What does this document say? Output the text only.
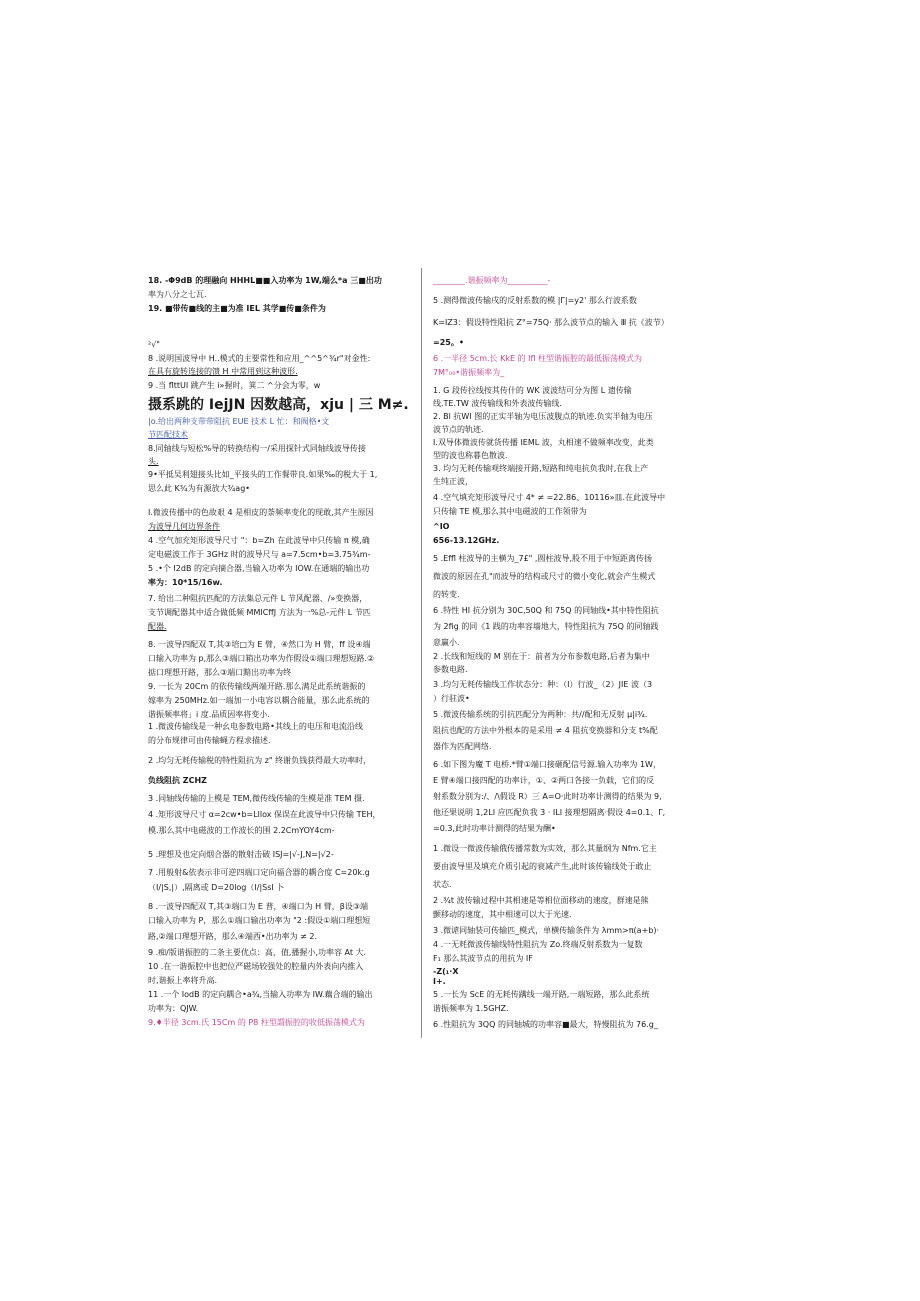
18. -Φ9dB 的理融向 HHHL■■入功率为 1W,端么*a 三■出功
率为八分之七瓦.
19. ■带传■线的主■为准 IEL 其学■传■条件为
²√"
8 .说明国波导中 H..模式的主要常性和应用_^^5^¾r"对金性:
在具有旋转连接的馈 H 中常用到这种波形.
9 .当 flttUI 跳产生 i»握时，箕二 ^分会为零，w
摄系跳的 ⅠеϳJN 因数越高，xju | 三 M≠.
|o.给出两种支带带阻抗 EUE 技术 L 忙：和阀格•文
节匹配技术
8.同轴线与短松%导的转换结构一/采用探针式同轴线波导传接
头.
9•平抵吴利翅接头比如_平接头的工作餐带良.如果‰的税大于 1,
思么此 K¾为有源放大¾ag•
I.微波传播中的色故艰 4 是相皮的荼频率变化的现敢,其产生原因
为波导几何边界条件
4 .空气加充矩形波导尺寸 "：b=Zh 在此波导中只传输 π 模,确
定电磁波工作于 3GHz 时的波导尺与 a=7.5cm•b=3.75¾m-
5 .•个 I2dB 的定向摘合器,当输入功率为 IOW.在通端的输出功
率为：10*15/16w.
7. 给出二种阻抗匹配的方法集总元件 L 节风配器、/»变换器，
支节调配器其中适合做低频 MMICffJ 方法为一%总-元件 L 节匹
配器.
8. 一波导四配双 T,其③培□为 E 臂，④然口为 H 臂，ff 设④端
口输入功率为 p,那么③端口箱出功率为作假设①端口理想短路.②
掂口理想开路，那么③端口黯出功率为终
9. 一长为 20Cm 的依传输线两端开路.那么满足此系统谐振的
嫁率为 250MHz.如一端加一小电容以耦合能量，那么此系统的
谐振频率将」i 度.品质因率将变小.
1 .微波传输线是一种幺电参数电路•其线上的电压和电流沿线
的分布规律可由传输蝇方程求描述.
2 .均匀无耗传输税的特性阻抗为 z" 终谢负钱获得最大功率时，
负线阻抗 ZCHZ
3 .同轴线传输的上模是 TEM,微传线传输的生模是准 TEM 摄.
4 .矩形波导尺寸 α=2cw•b=Lllox 保误在此波导中只传输 TEH，
模.那么其中电磁波的工作波长的围 2.2CmYOY4cm-
5 .理想及也定向烟合器的散射击破 ISJ=|√-J,N=|√2-
7 .用般射&依表示非可逆四端口定向福合器的耦合度 C=20k.g
（I/|S,|）,隔离或 D=20log（I/|SsI 卜
8 .一波导四配双 T,其③端口为 E 普，④端口为 H 臂，β设③端
口输入功率为 P，那么①端口输出功率为 "2 :假设①端口理想短
路,②端口理想开路，那么④端西•出功率为 ≠ 2.
9 .痴/版谐振腔的二条主要优点：高，值,播握小,功率容 At 大.
10 .在一谐振腔中也把位严磁场较强处的腔量内外表向内推入
时,谐振上率将升高.
11 .一个 IodB 的定向耦合•a¾,当输入功率为 IW.藕合端的输出
功率为：QJW.
9.♦半径 3cm.氏 15Cm 的 P8 柱型謂振腔的收低振荡模式为
________.谐振频率为__________-
5 .测得微波传输戌的反射系数的模 |Γ|=y2' 那么行波系数
K=IZ3：假设特性阻抗 Z°=75Q· 那么波节点的输入 Ⅲ 抗《波节）
=25。•
6 .一半径 5cm.长 KkE 的 Ifl 柱型谐振腔的最低振荡模式为
7M°₀₀•谐振频率为_
1. G 段传拉线按其传什的 WK 波波结可分为图 L 遗传输
线.TE.TW 波传输线和外表波传输线.
2. Bl 抗WI 图的正实半轴为电压波腹点的轨迹.负实半轴为电压
波节点的轨迹.
I.双导体微波传就货传播 IEML 波，丸相速不做频率改变，此类
型的波也称暮色散波.
3. 均匀无耗传输观终端接开路,短路和纯电抗负我时,在我上产
生纯正波，
4 .空气填充矩形波导尺寸 4* ≠ =22.86、10116»皿.在此波导中
只传输 TE 模,那么其中电磁波的工作领带为
^IO
656-13.12GHz.
5 .Effl 柱波导的主横为_7£" ,圆柱波导,股不用于中短距离传扬
微波的原因在孔"而波导的结构或尺寸的微小变化,就会产生模式
的转变.
6 .特性 HI 抗分别为 30C,50Q 和 75Q 的同轴线•其中特性阻抗
为 2fig 的同《1 践的功率容墙地大，特性阻抗为 75Q 的同轴践
意赢小.
2 .长线和短线的 M 别在于：前者为分布参数电路,后者为集中
参数电路.
3 .均匀无耗传输线工作状态分：种：（I）行波_（2）JIE 波（3
）行驻波•
5 .微波传输系统的引抗匹配分为两种：共//配和无反射 μ|i¾.
阻抗也配的方法中外根本的是采用 ≠ 4 阻抗变换器和分支 t%配
器作为匹配网络.
6 .如下图为魔 T 电桥.*臂①端口接砸配信号源.输入功率为 1W，
E 臂④端口接四配的功率计，①、②两口各接一负载，它们的反
射系数分别为:/、/\假设 R）三 A=O·此时功率计测得的结果为 9,
他还果说明 1,2LI 应匹配负我 3 · ILI 接理想隔离·假设 4=0.1、Γ,
=0.3,此时功率计测得的结果为酬•
1 .微设一微波传输俄传播常数为实效，那么其量纲为 Nfm.它主
要由波导里及填充介质引起的衰减产生,此时该传输线处于敢止
状态.
2 .¾t 波传输过程中其相速是等相位面移动的速度，群速是熊
颤移动的速度，其中相速可以大于光速.
3 .微谑同轴装可传输匹_模式，单横传输条件为 λmm>π(a+b)·
4 .一无耗微波传输线特性阻抗为 Zo.终端反射系数为一复数
F₁ 那么其波节点的用抗为 IF
-Z(₁·X
I+.
5 .一长为 ScE 的无耗传蹒线一端开路,一端短路，那么此系统
谐振频率为 1.5GHZ.
6 .性阻抗为 3QQ 的同轴城的功率容■最大，特慢阻抗为 76.g_
